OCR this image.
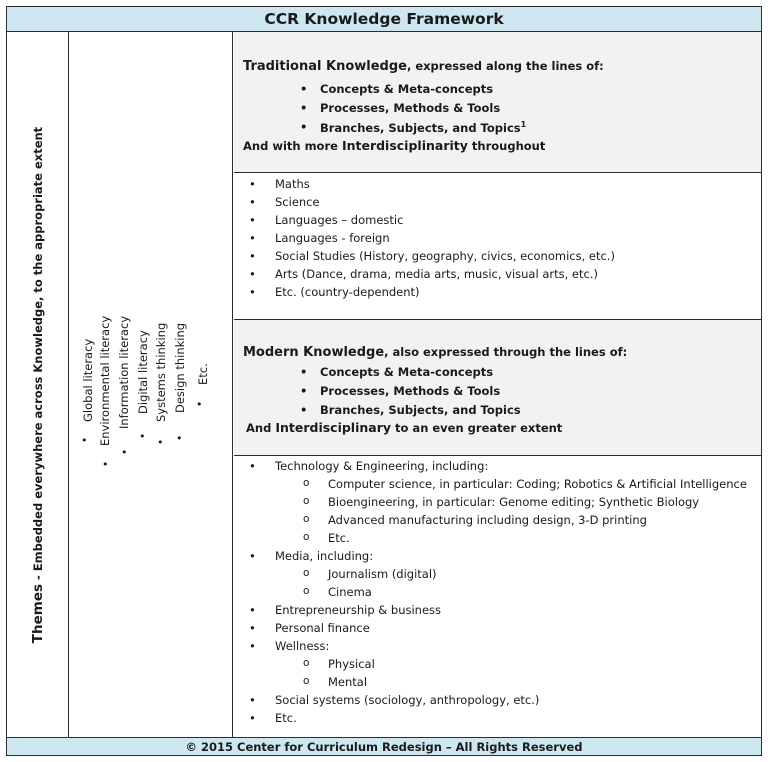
CCR Knowledge Framework
Themes - Embedded everywhere across Knowledge, to the appropriate extent	Global literacy Environmental literacy Information literacy Digital literacy Systems thinking Design thinking Etc.
•
•
•
• • •
•
Traditional Knowledge, expressed along the lines of:
• Concepts & Meta-concepts
• Processes, Methods & Tools
• Branches, Subjects, and Topics$^1$
And with more Interdisciplinarity throughout
• Maths
• Science
• Languages – domestic
• Languages - foreign
• Social Studies (History, geography, civics, economics, etc.)
• Arts (Dance, drama, media arts, music, visual arts, etc.)
• Etc. (country-dependent)
Modern Knowledge, also expressed through the lines of:
• Concepts & Meta-concepts
• Processes, Methods & Tools
• Branches, Subjects, and Topics
And Interdisciplinary to an even greater extent
• Technology & Engineering, including:
o Computer science, in particular: Coding; Robotics & Artificial Intelligence
o Bioengineering, in particular: Genome editing; Synthetic Biology
o Advanced manufacturing including design, 3-D printing
o Etc.
• Media, including:
o Journalism (digital)
o Cinema
• Entrepreneurship & business
• Personal finance
• Wellness:
o Physical
o Mental
• Social systems (sociology, anthropology, etc.)
• Etc.
© 2015 Center for Curriculum Redesign – All Rights Reserved
